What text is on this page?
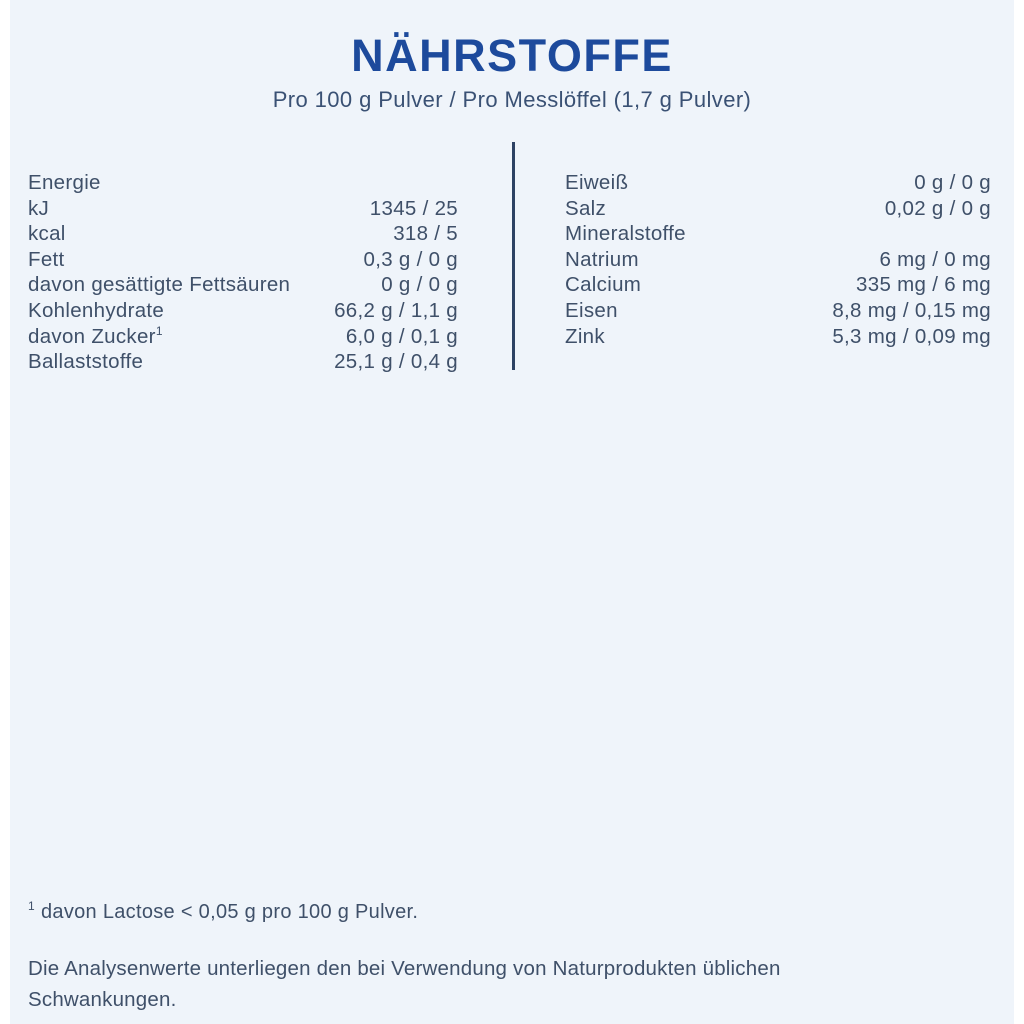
NÄHRSTOFFE
Pro 100 g Pulver / Pro Messlöffel (1,7 g Pulver)
Energie
kJ	1345 / 25
kcal	318 / 5
Fett	0,3 g / 0 g
davon gesättigte Fettsäuren	0 g / 0 g
Kohlenhydrate	66,2 g / 1,1 g
davon Zucker$^1$	6,0 g / 0,1 g
Ballaststoffe	25,1 g / 0,4 g
Eiweiß	0 g / 0 g
Salz	0,02 g / 0 g
Mineralstoffe
Natrium	6 mg / 0 mg
Calcium	335 mg / 6 mg
Eisen	8,8 mg / 0,15 mg
Zink	5,3 mg / 0,09 mg
$^1$ davon Lactose < 0,05 g pro 100 g Pulver.
Die Analysenwerte unterliegen den bei Verwendung von Naturprodukten üblichen
Schwankungen.
